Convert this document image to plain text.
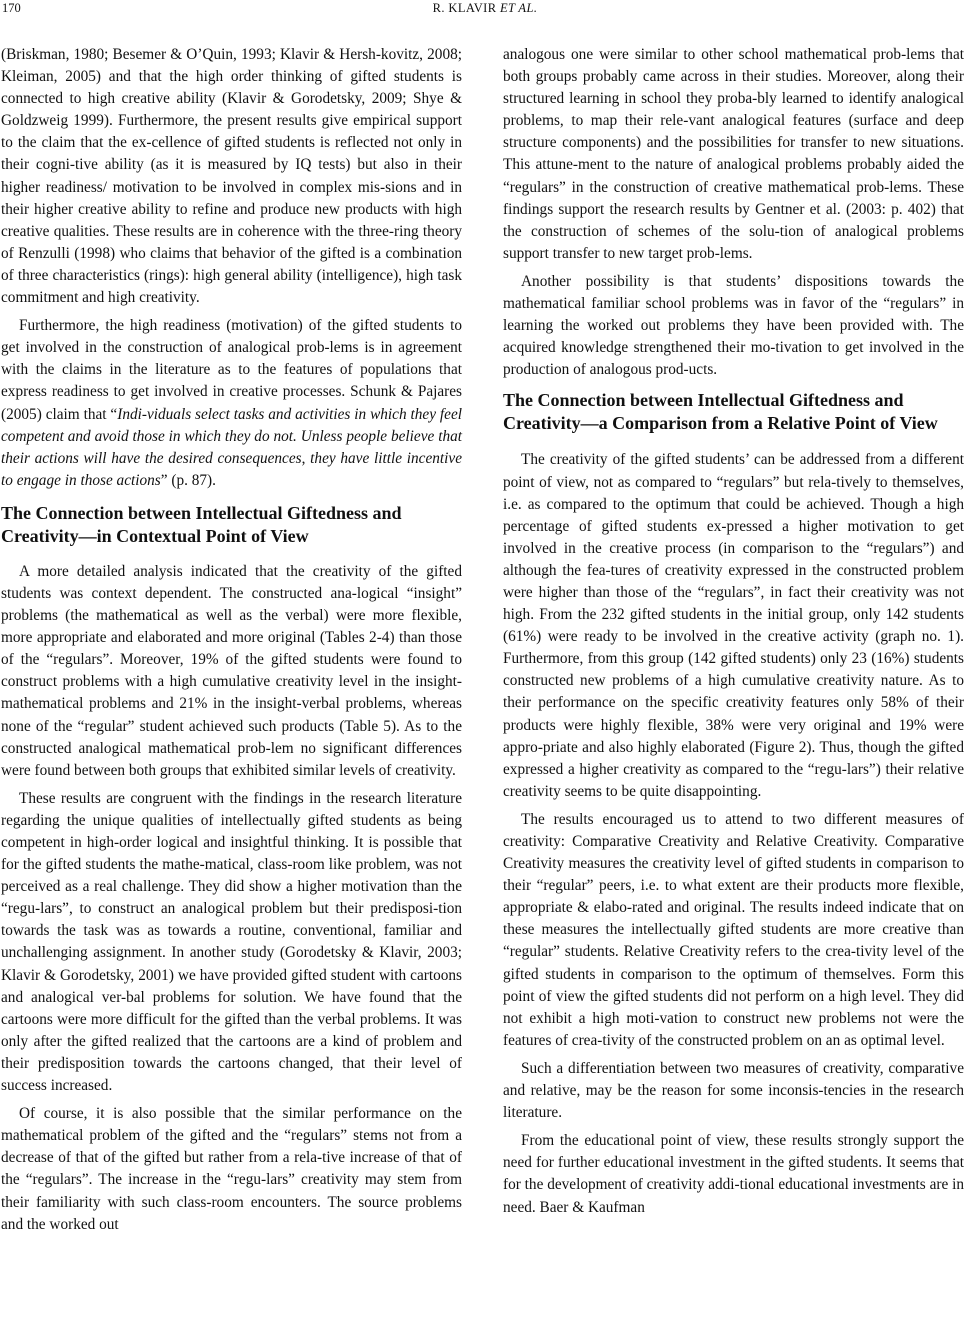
170	R. KLAVIR ET AL.

(Briskman, 1980; Besemer & O’Quin, 1993; Klavir & Hersh-kovitz, 2008; Kleiman, 2005) and that the high order thinking of gifted students is connected to high creative ability (Klavir & Gorodetsky, 2009; Shye & Goldzweig 1999). Furthermore, the present results give empirical support to the claim that the ex-cellence of gifted students is reflected not only in their cogni-tive ability (as it is measured by IQ tests) but also in their higher readiness/ motivation to be involved in complex mis-sions and in their higher creative ability to refine and produce new products with high creative qualities. These results are in coherence with the three-ring theory of Renzulli (1998) who claims that behavior of the gifted is a combination of three characteristics (rings): high general ability (intelligence), high task commitment and high creativity.

Furthermore, the high readiness (motivation) of the gifted students to get involved in the construction of analogical prob-lems is in agreement with the claims in the literature as to the features of populations that express readiness to get involved in creative processes. Schunk & Pajares (2005) claim that “Indi-viduals select tasks and activities in which they feel competent and avoid those in which they do not. Unless people believe that their actions will have the desired consequences, they have little incentive to engage in those actions” (p. 87).

The Connection between Intellectual Giftedness and Creativity—in Contextual Point of View

A more detailed analysis indicated that the creativity of the gifted students was context dependent. The constructed ana-logical “insight” problems (the mathematical as well as the verbal) were more flexible, more appropriate and elaborated and more original (Tables 2-4) than those of the “regulars”. Moreover, 19% of the gifted students were found to construct problems with a high cumulative creativity level in the insight-mathematical problems and 21% in the insight-verbal problems, whereas none of the “regular” student achieved such products (Table 5). As to the constructed analogical mathematical prob-lem no significant differences were found between both groups that exhibited similar levels of creativity.

These results are congruent with the findings in the research literature regarding the unique qualities of intellectually gifted students as being competent in high-order logical and insightful thinking. It is possible that for the gifted students the mathe-matical, class-room like problem, was not perceived as a real challenge. They did show a higher motivation than the “regu-lars”, to construct an analogical problem but their predisposi-tion towards the task was as towards a routine, conventional, familiar and unchallenging assignment. In another study (Gorodetsky & Klavir, 2003; Klavir & Gorodetsky, 2001) we have provided gifted student with cartoons and analogical ver-bal problems for solution. We have found that the cartoons were more difficult for the gifted than the verbal problems. It was only after the gifted realized that the cartoons are a kind of problem and their predisposition towards the cartoons changed, that their level of success increased.

Of course, it is also possible that the similar performance on the mathematical problem of the gifted and the “regulars” stems not from a decrease of that of the gifted but rather from a rela-tive increase of that of the “regulars”. The increase in the “regu-lars” creativity may stem from their familiarity with such class-room encounters. The source problems and the worked out

analogous one were similar to other school mathematical prob-lems that both groups probably came across in their studies. Moreover, along their structured learning in school they proba-bly learned to identify analogical problems, to map their rele-vant analogical features (surface and deep structure components) and the possibilities for transfer to new situations. This attune-ment to the nature of analogical problems probably aided the “regulars” in the construction of creative mathematical prob-lems. These findings support the research results by Gentner et al. (2003: p. 402) that the construction of schemes of the solu-tion of analogical problems support transfer to new target prob-lems.

Another possibility is that students’ dispositions towards the mathematical familiar school problems was in favor of the “regulars” in learning the worked out problems they have been provided with. The acquired knowledge strengthened their mo-tivation to get involved in the production of analogous prod-ucts.

The Connection between Intellectual Giftedness and Creativity—a Comparison from a Relative Point of View

The creativity of the gifted students’ can be addressed from a different point of view, not as compared to “regulars” but rela-tively to themselves, i.e. as compared to the optimum that could be achieved. Though a high percentage of gifted students ex-pressed a higher motivation to get involved in the creative process (in comparison to the “regulars”) and although the fea-tures of creativity expressed in the constructed problem were higher than those of the “regulars”, in fact their creativity was not high. From the 232 gifted students in the initial group, only 142 students (61%) were ready to be involved in the creative activity (graph no. 1). Furthermore, from this group (142 gifted students) only 23 (16%) students constructed new problems of a high cumulative creativity nature. As to their performance on the specific creativity features only 58% of their products were highly flexible, 38% were very original and 19% were appro-priate and also highly elaborated (Figure 2). Thus, though the gifted expressed a higher creativity as compared to the “regu-lars”) their relative creativity seems to be quite disappointing.

The results encouraged us to attend to two different measures of creativity: Comparative Creativity and Relative Creativity. Comparative Creativity measures the creativity level of gifted students in comparison to their “regular” peers, i.e. to what extent are their products more flexible, appropriate & elabo-rated and original. The results indeed indicate that on these measures the intellectually gifted students are more creative than “regular” students. Relative Creativity refers to the crea-tivity level of the gifted students in comparison to the optimum of themselves. Form this point of view the gifted students did not perform on a high level. They did not exhibit a high moti-vation to construct new problems not were the features of crea-tivity of the constructed problem on an as optimal level.

Such a differentiation between two measures of creativity, comparative and relative, may be the reason for some inconsis-tencies in the research literature.

From the educational point of view, these results strongly support the need for further educational investment in the gifted students. It seems that for the development of creativity addi-tional educational investments are in need. Baer & Kaufman
